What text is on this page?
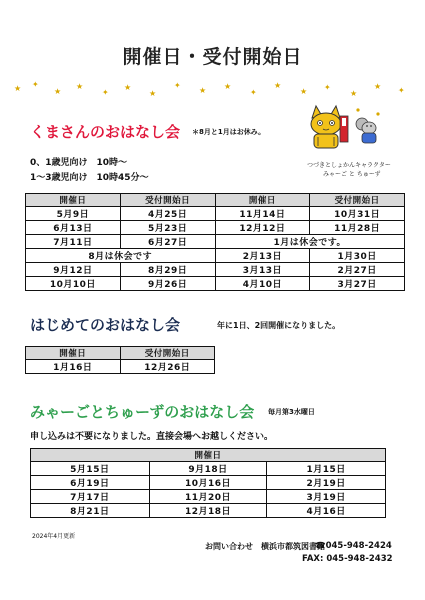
開催日・受付開始日
★ ✦
★
★
✦
★
★
✦
★ ★
✦
★
★ ✦
★
★ ✦
くまさんのおはなし会 ＊8月と1月はお休み。
0、1歳児向け　10時～
1～3歳児向け　10時45分～
つづきとしょかんキャラクター
みゃーご と ちゅーず
開催日	受付開始日	開催日	受付開始日
5月9日	4月25日	11月14日	10月31日
6月13日	5月23日	12月12日	11月28日
7月11日	6月27日	1月は休会です。	
8月は休会です		2月13日	1月30日
9月12日	8月29日	3月13日	2月27日
10月10日	9月26日	4月10日	3月27日
はじめてのおはなし会	年に1日、2回開催になりました。
開催日	受付開始日
1月16日	12月26日
みゃーごとちゅーずのおはなし会 毎月第3水曜日
申し込みは不要になりました。直接会場へお越しください。
開催日		
5月15日	9月18日	1月15日
6月19日	10月16日	2月19日
7月17日	11月20日	3月19日
8月21日	12月18日	4月16日
2024年4月更新
お問い合わせ　横浜市都筑図書館
☎045-948-2424
FAX: 045-948-2432
